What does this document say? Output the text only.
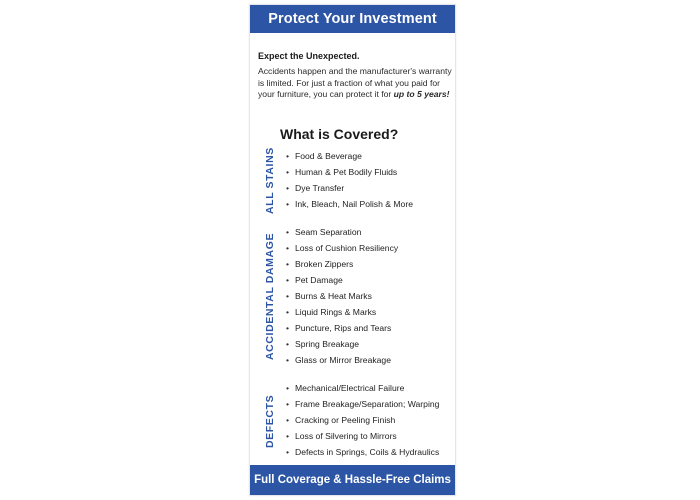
Protect Your Investment
Expect the Unexpected.

Accidents happen and the manufacturer's warranty is limited. For just a fraction of what you paid for your furniture, you can protect it for up to 5 years!

What is Covered?
ALL STAINS
•	Food & Beverage
• Human & Pet Bodily Fluids
• Dye Transfer
• Ink, Bleach, Nail Polish & More
ACCIDENTAL DAMAGE
• Seam Separation
• Loss of Cushion Resiliency
• Broken Zippers
• Pet Damage
• Burns & Heat Marks
• Liquid Rings & Marks
• Puncture, Rips and Tears
• Spring Breakage
• Glass or Mirror Breakage
DEFECTS
• Mechanical/Electrical Failure
• Frame Breakage/Separation; Warping
• Cracking or Peeling Finish
• Loss of Silvering to Mirrors
• Defects in Springs, Coils & Hydraulics
Full Coverage & Hassle-Free Claims
